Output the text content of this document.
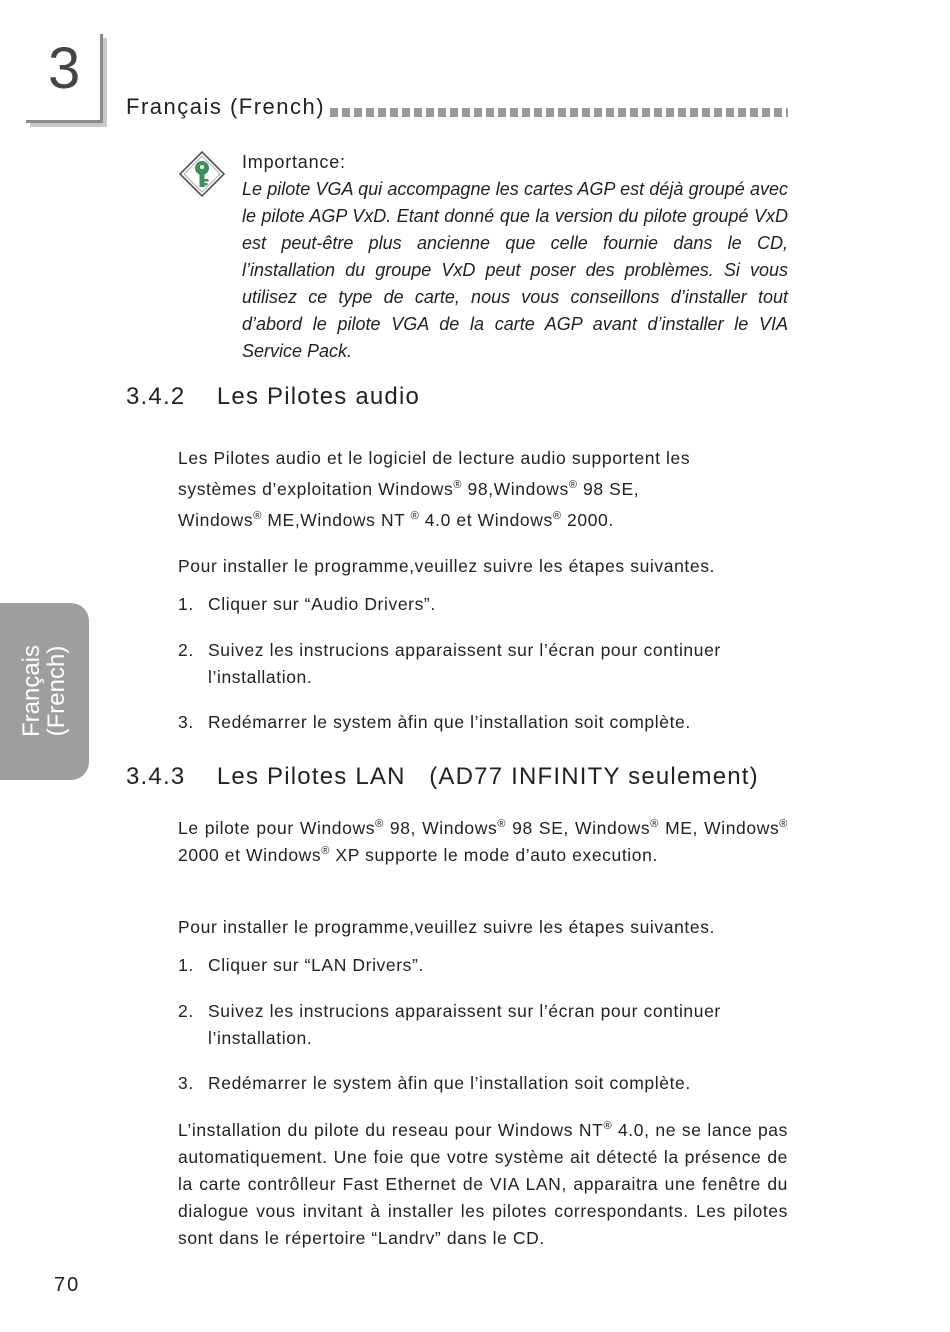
3
Français (French)
Français
(French)
Importance:

Le pilote VGA qui accompagne les cartes AGP est déjà groupé avec le pilote AGP VxD. Etant donné que la version du pilote groupé VxD est peut-être plus ancienne que celle fournie dans le CD, l’installation du groupe VxD peut poser des problèmes. Si vous utilisez ce type de carte, nous vous conseillons d’installer tout d’abord le pilote VGA de la carte AGP avant d’installer le VIA Service Pack.

3.4.2    Les Pilotes audio

Les Pilotes audio et le logiciel de lecture audio supportent les systèmes d’exploitation Windows® 98,Windows® 98 SE, Windows® ME,Windows NT ® 4.0 et Windows® 2000.

Pour installer le programme,veuillez suivre les étapes suivantes.

1. Cliquer sur “Audio Drivers”.

2. Suivez les instrucions apparaissent sur l’écran pour continuer
l’installation.

3. Redémarrer le system àfin que l’installation soit complète.

3.4.3    Les Pilotes LAN   (AD77 INFINITY seulement)

Le pilote pour Windows® 98, Windows® 98 SE, Windows® ME, Windows® 2000 et Windows® XP supporte le mode d’auto execution.

Pour installer le programme,veuillez suivre les étapes suivantes.

1. Cliquer sur “LAN Drivers”.

2. Suivez les instrucions apparaissent sur l’écran pour continuer
l’installation.

3. Redémarrer le system àfin que l’installation soit complète.

L’installation du pilote du reseau pour Windows NT® 4.0, ne se lance pas automatiquement. Une foie que votre système ait détecté la présence de la carte contrôlleur Fast Ethernet de VIA LAN, apparaitra une fenêtre du dialogue vous invitant à installer les pilotes correspondants. Les pilotes sont dans le répertoire “Landrv” dans le CD.

70
